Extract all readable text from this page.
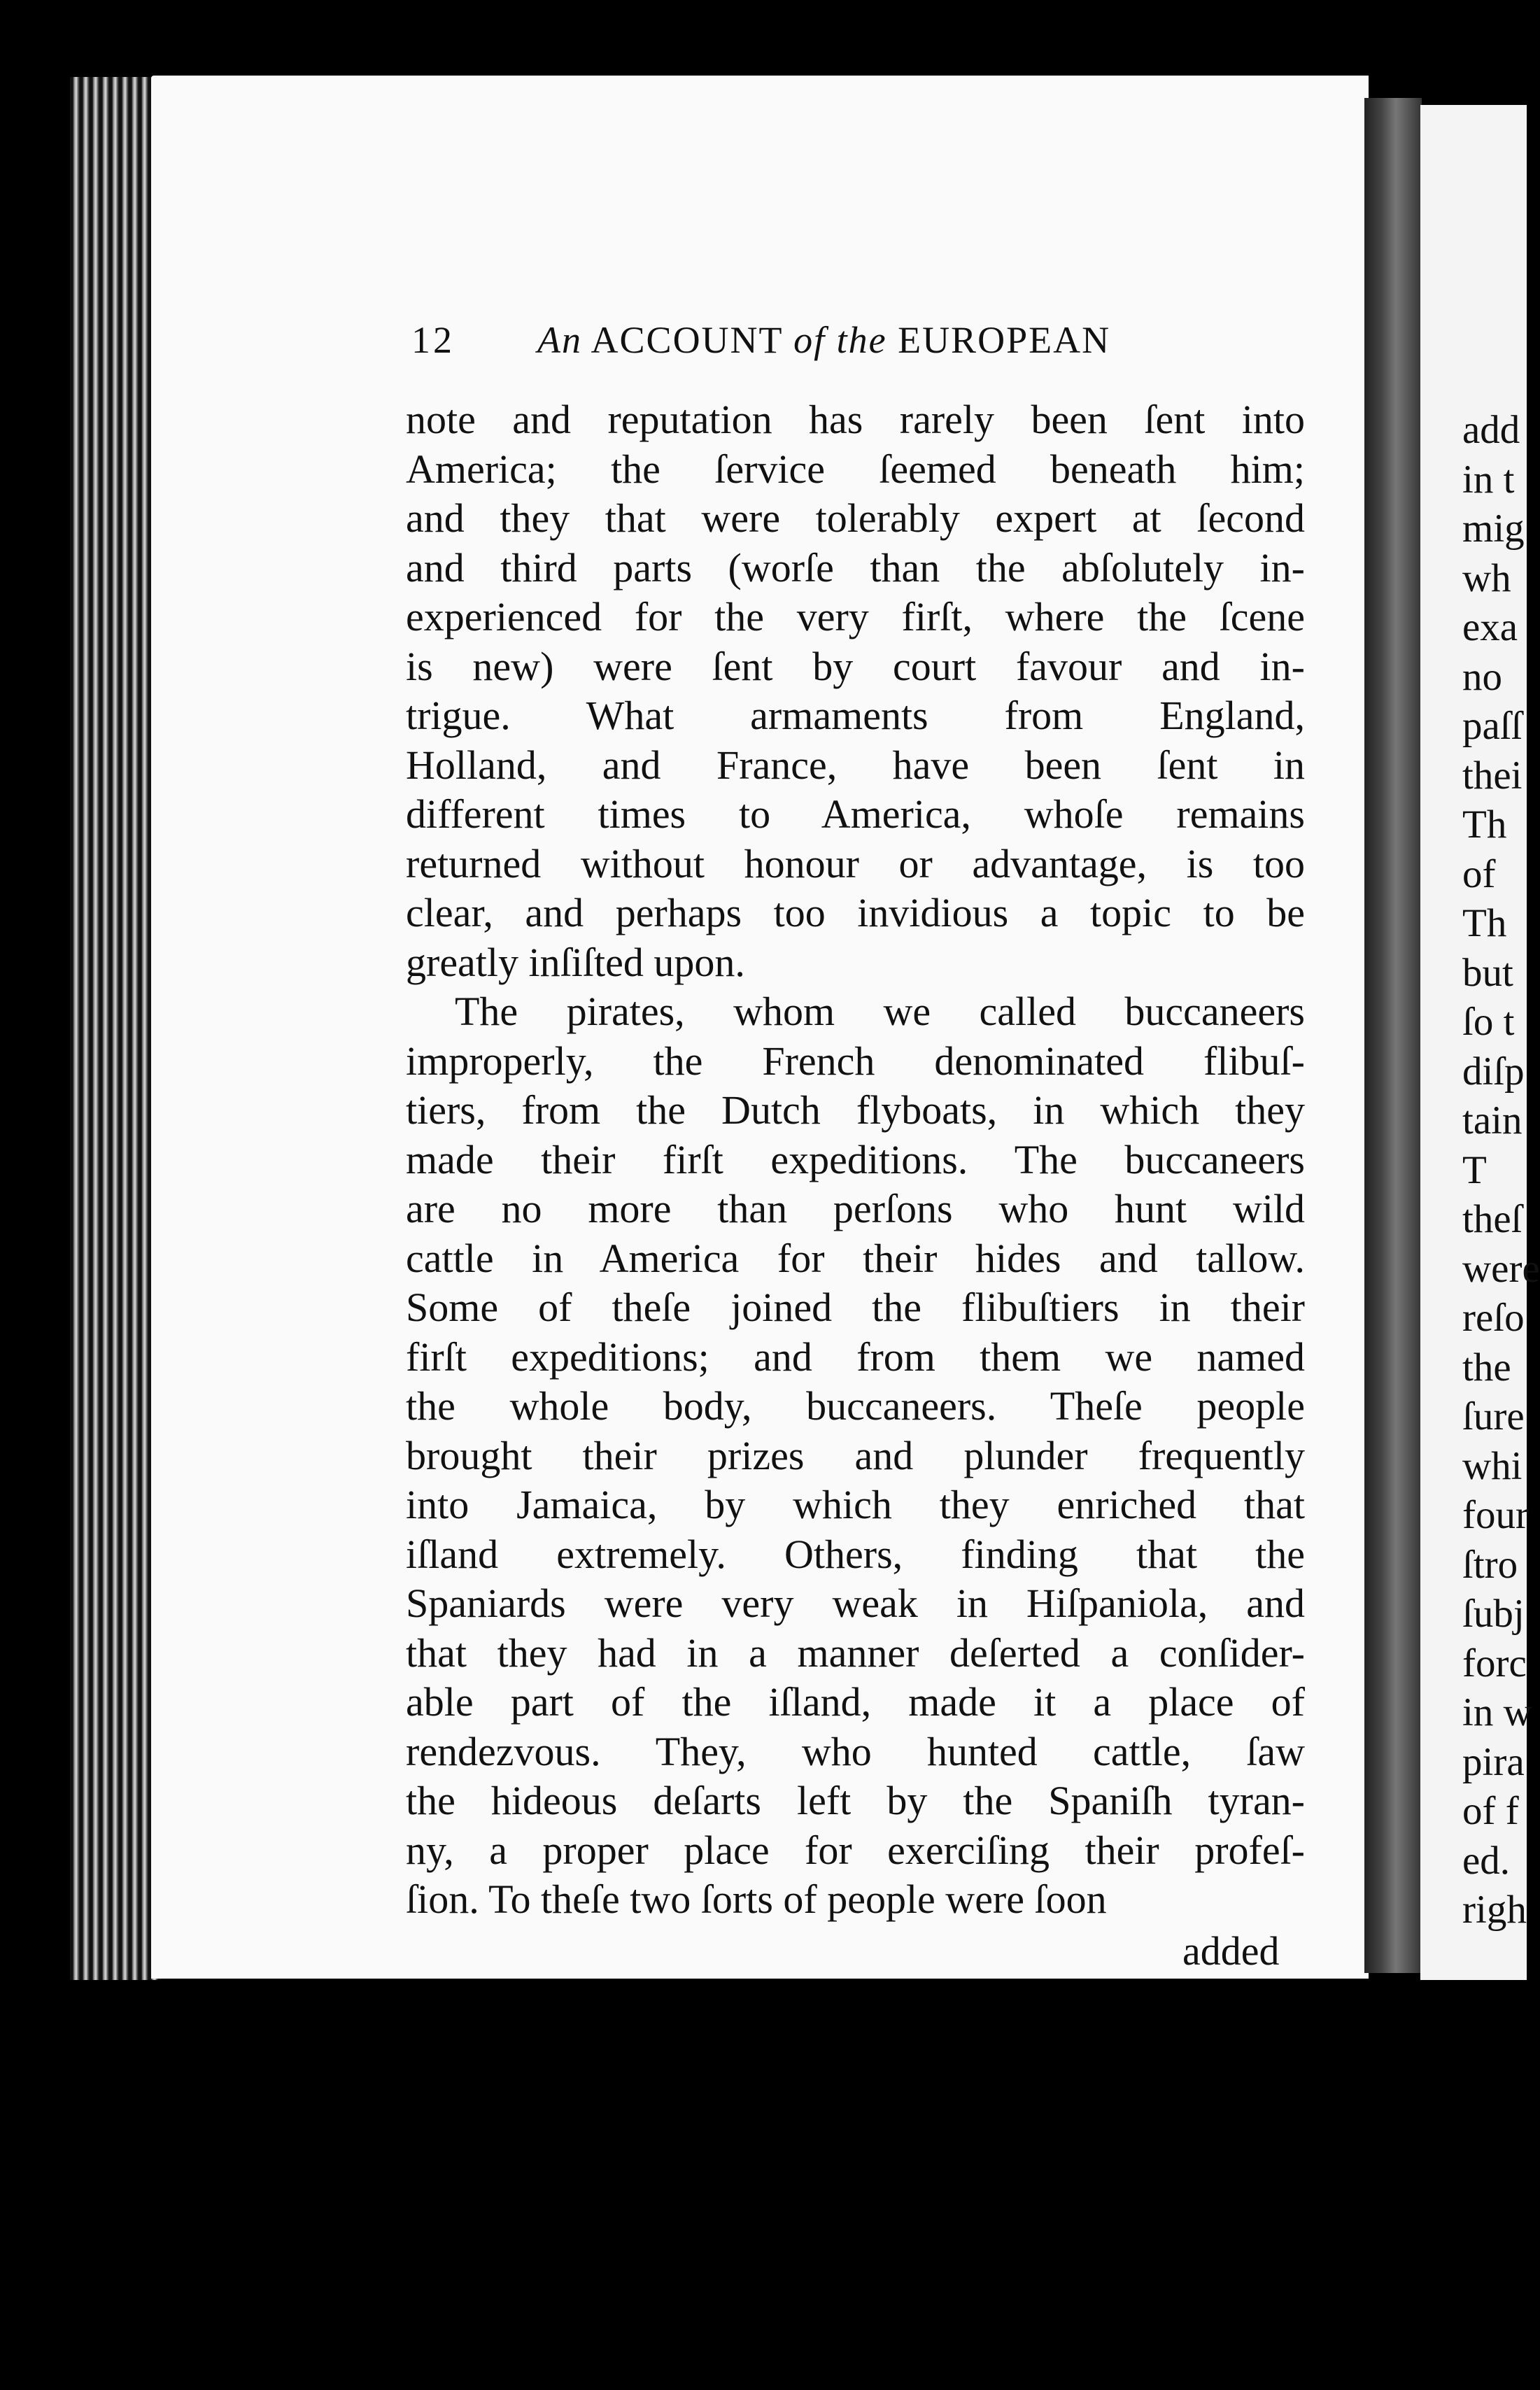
add
in t
mig
wh
exa
no
paſſ
thei
Th
of
Th
but
ſo t
diſp
tain
T
theſ
were
reſo
the
ſure
whi
four
ſtro
ſubj
forc
in w
pira
of f
ed.
righ
12 An ACCOUNT of the EUROPEAN
note and reputation has rarely been ſent into
America; the ſervice ſeemed beneath him;
and they that were tolerably expert at ſecond
and third parts (worſe than the abſolutely in-
experienced for the very firſt, where the ſcene
is new) were ſent by court favour and in-
trigue. What armaments from England,
Holland, and France, have been ſent in
different times to America, whoſe remains
returned without honour or advantage, is too
clear, and perhaps too invidious a topic to be
greatly inſiſted upon.
The pirates, whom we called buccaneers
improperly, the French denominated flibuſ-
tiers, from the Dutch flyboats, in which they
made their firſt expeditions. The buccaneers
are no more than perſons who hunt wild
cattle in America for their hides and tallow.
Some of theſe joined the flibuſtiers in their
firſt expeditions; and from them we named
the whole body, buccaneers. Theſe people
brought their prizes and plunder frequently
into Jamaica, by which they enriched that
iſland extremely. Others, finding that the
Spaniards were very weak in Hiſpaniola, and
that they had in a manner deſerted a conſider-
able part of the iſland, made it a place of
rendezvous. They, who hunted cattle, ſaw
the hideous deſarts left by the Spaniſh tyran-
ny, a proper place for exerciſing their profeſ-
ſion. To theſe two ſorts of people were ſoon
added
